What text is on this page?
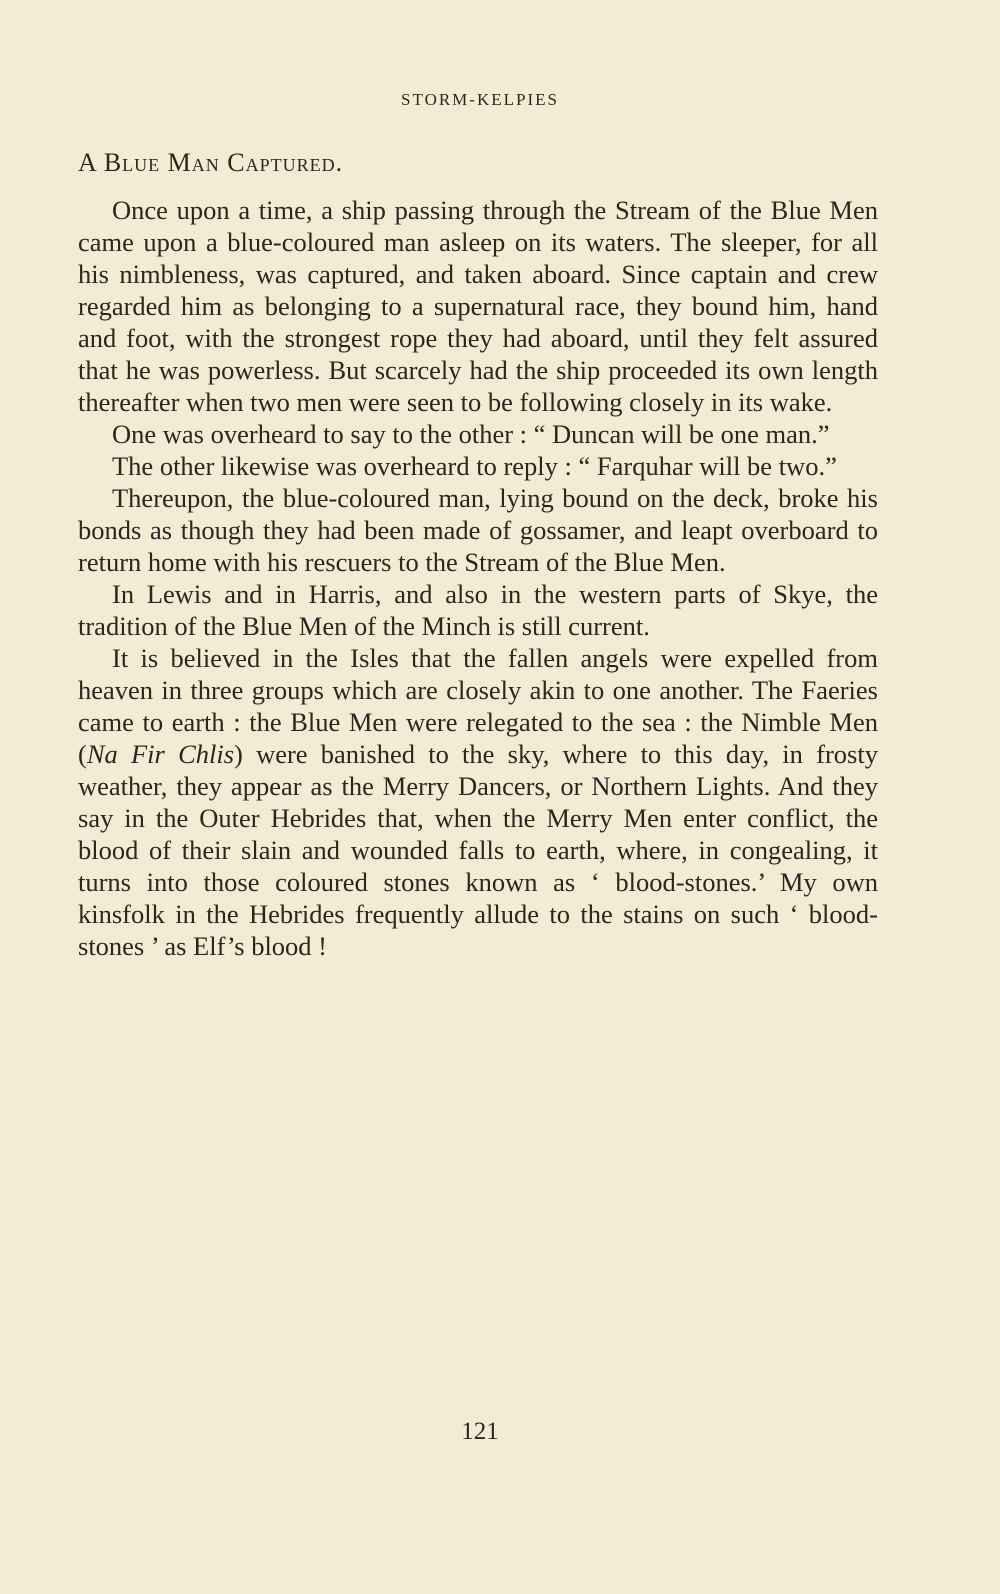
STORM-KELPIES
A Blue Man Captured.

Once upon a time, a ship passing through the Stream of the Blue Men came upon a blue-coloured man asleep on its waters. The sleeper, for all his nimbleness, was captured, and taken aboard. Since captain and crew regarded him as belonging to a supernatural race, they bound him, hand and foot, with the strongest rope they had aboard, until they felt assured that he was powerless. But scarcely had the ship proceeded its own length thereafter when two men were seen to be following closely in its wake.

One was overheard to say to the other : “ Duncan will be one man.”

The other likewise was overheard to reply : “ Farquhar will be two.”

Thereupon, the blue-coloured man, lying bound on the deck, broke his bonds as though they had been made of gossamer, and leapt overboard to return home with his rescuers to the Stream of the Blue Men.

In Lewis and in Harris, and also in the western parts of Skye, the tradition of the Blue Men of the Minch is still current.

It is believed in the Isles that the fallen angels were expelled from heaven in three groups which are closely akin to one another. The Faeries came to earth : the Blue Men were relegated to the sea : the Nimble Men (Na Fir Chlis) were banished to the sky, where to this day, in frosty weather, they appear as the Merry Dancers, or Northern Lights. And they say in the Outer Hebrides that, when the Merry Men enter conflict, the blood of their slain and wounded falls to earth, where, in congealing, it turns into those coloured stones known as ‘ blood-stones.’ My own kinsfolk in the Hebrides frequently allude to the stains on such ‘ blood-stones ’ as Elf’s blood !

121
